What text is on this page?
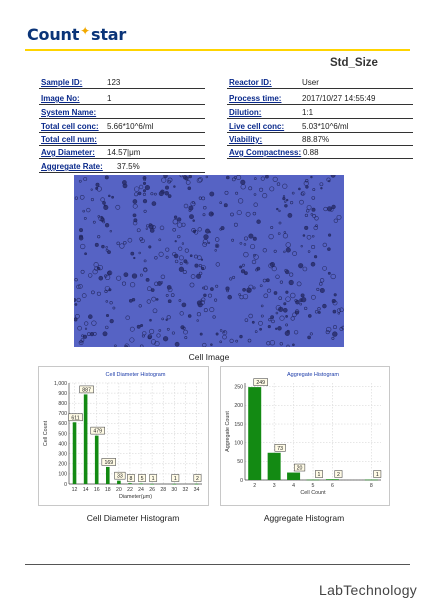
Count✦star
Std_Size
Sample ID:	123
Image No:	1
System Name:
Total cell conc: 5.66*10^6/ml
Total cell num:
Avg Diameter: 14.57|μm
Aggregate Rate: 37.5%
Reactor ID:	User
Process time:	2017/10/27 14:55:49
Dilution:	1:1
Live cell conc: 5.03*10^6/ml
Viability:	88.87%
Avg Compactness: 0.88
Cell Image
Cell Diameter Histogram
0
100
200
300
400
500
600
700
800
900
1,000
12 14 16 18 20 22 24 26 28 30 32 34
611
887
479
169
33 8 5 1	1	2
Diameter(μm)
Cell Count
Aggregate Histogram
0
50
100
150
200
250
2	3	4	5	6	8
249
73
20
1	2	1
Cell Count
Aggregate Count
Cell Diameter Histogram	Aggregate Histogram
LabTechnology
